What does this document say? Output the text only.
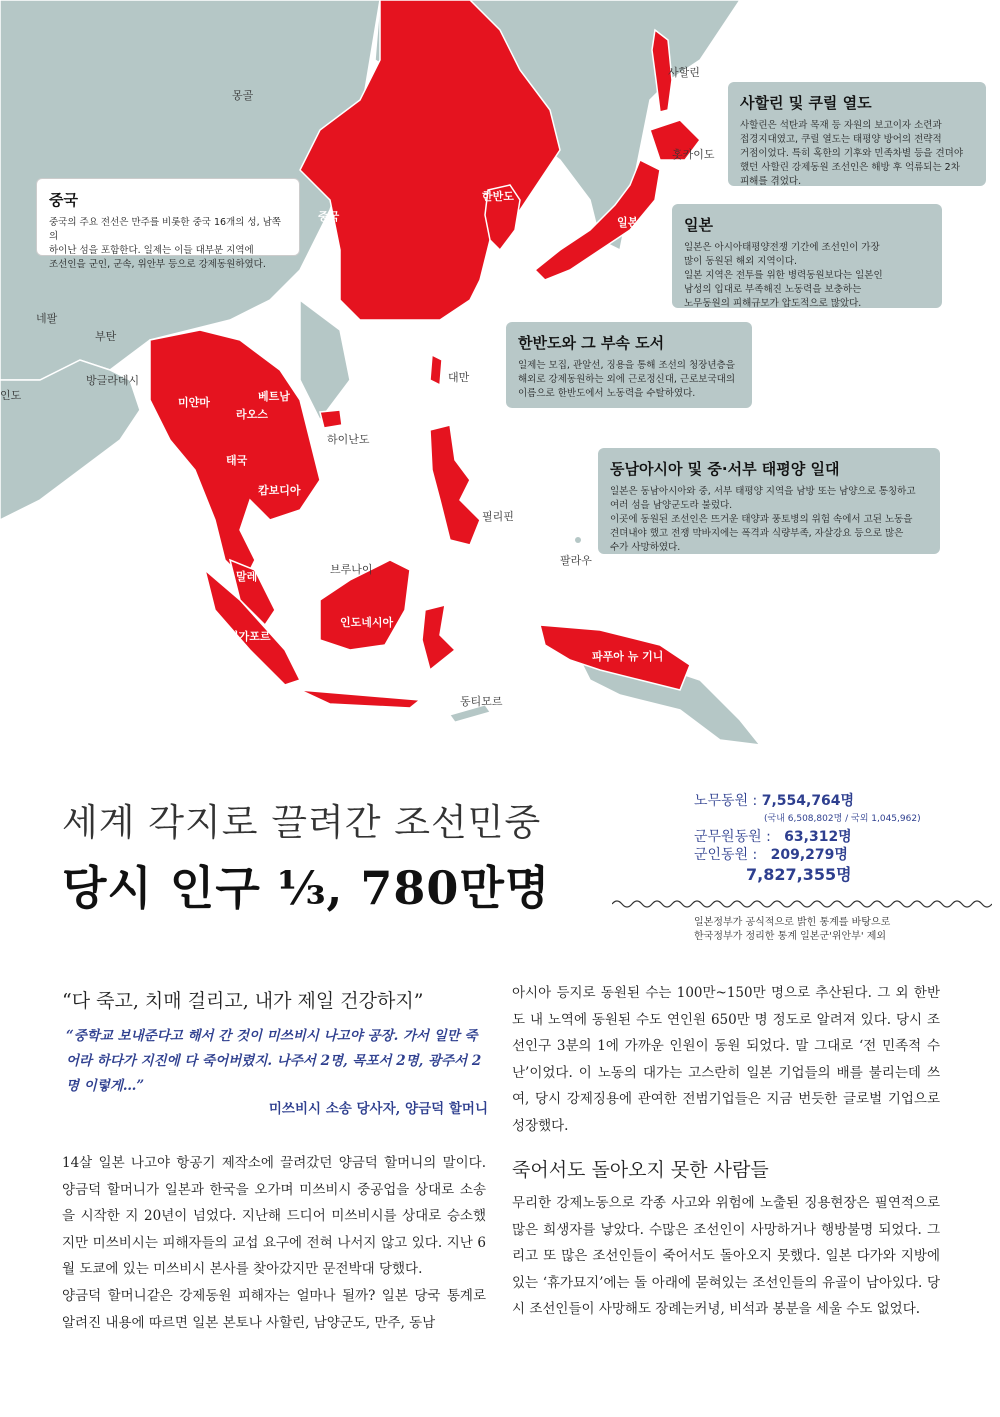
몽골
중국
네팔
부탄
방글라데시
인도
미얀마	베트남
라오스
태국
캄보디아
하이난도
말레이시아
싱가포르
브루나이
인도네시아
동티모르
필리핀
팔라우
대만
한반도
일본
사할린
홋카이도
파푸아 뉴 기니
사할린 및 쿠릴 열도

사할린은 석탄과 목재 등 자원의 보고이자 소련과
접경지대였고, 쿠릴 열도는 태평양 방어의 전략적
거점이었다. 특히 혹한의 기후와 민족차별 등을 견뎌야
했던 사할린 강제동원 조선인은 해방 후 억류되는 2차
피해를 겪었다.

일본

일본은 아시아태평양전쟁 기간에 조선인이 가장
많이 동원된 해외 지역이다.
일본 지역은 전투를 위한 병력동원보다는 일본인
남성의 입대로 부족해진 노동력을 보충하는
노무동원의 피해규모가 압도적으로 많았다.

중국

중국의 주요 전선은 만주를 비롯한 중국 16개의 성, 남쪽의
하이난 섬을 포함한다. 일제는 이들 대부분 지역에
조선인을 군인, 군속, 위안부 등으로 강제동원하였다.

한반도와 그 부속 도서

일제는 모집, 관알선, 징용을 통해 조선의 청장년층을
해외로 강제동원하는 외에 근로정신대, 근로보국대의
이름으로 한반도에서 노동력을 수탈하였다.

동남아시아 및 중·서부 태평양 일대

일본은 동남아시아와 중, 서부 태평양 지역을 남방 또는 남양으로 통칭하고
여러 섬을 남양군도라 불렀다.
이곳에 동원된 조선인은 뜨거운 태양과 풍토병의 위험 속에서 고된 노동을
견뎌내야 했고 전쟁 막바지에는 폭격과 식량부족, 자살강요 등으로 많은
수가 사망하였다.

세계 각지로 끌려간 조선민중
당시 인구 ⅓, 780만명
노무동원 : 7,554,764명
(국내 6,508,802명 / 국외 1,045,962)
군무원동원 : 63,312명
군인동원 : 209,279명
7,827,355명
일본정부가 공식적으로 밝힌 통계를 바탕으로
한국정부가 정리한 통계 일본군'위안부' 제외
“다 죽고, 치매 걸리고, 내가 제일 건강하지”
“중학교 보내준다고 해서 간 것이 미쓰비시 나고야 공장. 가서 일만 죽어라 하다가 지진에 다 죽어버렸지. 나주서 2명, 목포서 2명, 광주서 2명 이렇게…”
미쓰비시 소송 당사자, 양금덕 할머니
14살 일본 나고야 항공기 제작소에 끌려갔던 양금덕 할머니의 말이다. 양금덕 할머니가 일본과 한국을 오가며 미쓰비시 중공업을 상대로 소송을 시작한 지 20년이 넘었다. 지난해 드디어 미쓰비시를 상대로 승소했지만 미쓰비시는 피해자들의 교섭 요구에 전혀 나서지 않고 있다. 지난 6월 도쿄에 있는 미쓰비시 본사를 찾아갔지만 문전박대 당했다.
양금덕 할머니같은 강제동원 피해자는 얼마나 될까? 일본 당국 통계로 알려진 내용에 따르면 일본 본토나 사할린, 남양군도, 만주, 동남
아시아 등지로 동원된 수는 100만~150만 명으로 추산된다. 그 외 한반도 내 노역에 동원된 수도 연인원 650만 명 정도로 알려져 있다. 당시 조선인구 3분의 1에 가까운 인원이 동원 되었다. 말 그대로 ‘전 민족적 수난’이었다. 이 노동의 대가는 고스란히 일본 기업들의 배를 불리는데 쓰여, 당시 강제징용에 관여한 전범기업들은 지금 번듯한 글로벌 기업으로 성장했다.
죽어서도 돌아오지 못한 사람들
무리한 강제노동으로 각종 사고와 위험에 노출된 징용현장은 필연적으로 많은 희생자를 낳았다. 수많은 조선인이 사망하거나 행방불명 되었다. 그리고 또 많은 조선인들이 죽어서도 돌아오지 못했다. 일본 다가와 지방에 있는 ‘휴가묘지’에는 돌 아래에 묻혀있는 조선인들의 유골이 남아있다. 당시 조선인들이 사망해도 장례는커녕, 비석과 봉분을 세울 수도 없었다.
